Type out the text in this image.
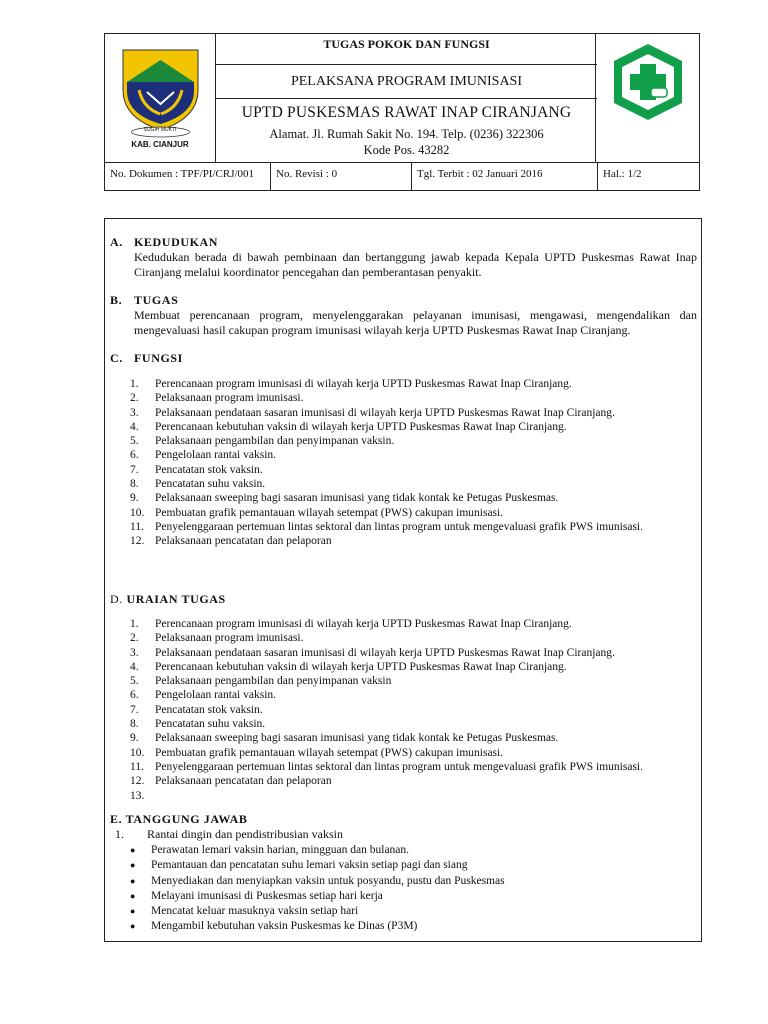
SUGIH MUKTI
KAB. CIANJUR
TUGAS POKOK DAN FUNGSI
PELAKSANA PROGRAM IMUNISASI
UPTD PUSKESMAS RAWAT INAP CIRANJANG
Alamat. Jl. Rumah Sakit No. 194. Telp. (0236) 322306
Kode Pos. 43282
No. Dokumen : TPF/PI/CRJ/001	No. Revisi : 0	Tgl. Terbit : 02 Januari 2016	Hal.: 1/2
A. KEDUDUKAN
Kedudukan berada di bawah pembinaan dan bertanggung jawab kepada Kepala UPTD Puskesmas Rawat Inap Ciranjang melalui koordinator pencegahan dan pemberantasan penyakit.
B. TUGAS
Membuat perencanaan program, menyelenggarakan pelayanan imunisasi, mengawasi, mengendalikan dan mengevaluasi hasil cakupan program imunisasi wilayah kerja UPTD Puskesmas Rawat Inap Ciranjang.
C. FUNGSI
1. Perencanaan program imunisasi di wilayah kerja UPTD Puskesmas Rawat Inap Ciranjang.
2. Pelaksanaan program imunisasi.
3. Pelaksanaan pendataan sasaran imunisasi di wilayah kerja UPTD Puskesmas Rawat Inap Ciranjang.
4. Perencanaan kebutuhan vaksin di wilayah kerja UPTD Puskesmas Rawat Inap Ciranjang.
5. Pelaksanaan pengambilan dan penyimpanan vaksin.
6. Pengelolaan rantai vaksin.
7. Pencatatan stok vaksin.
8. Pencatatan suhu vaksin.
9. Pelaksanaan sweeping bagi sasaran imunisasi yang tidak kontak ke Petugas Puskesmas.
10. Pembuatan grafik pemantauan wilayah setempat (PWS) cakupan imunisasi.
11. Penyelenggaraan pertemuan lintas sektoral dan lintas program untuk mengevaluasi grafik PWS imunisasi.
12. Pelaksanaan pencatatan dan pelaporan
D. URAIAN TUGAS
1. Perencanaan program imunisasi di wilayah kerja UPTD Puskesmas Rawat Inap Ciranjang.
2. Pelaksanaan program imunisasi.
3. Pelaksanaan pendataan sasaran imunisasi di wilayah kerja UPTD Puskesmas Rawat Inap Ciranjang.
4. Perencanaan kebutuhan vaksin di wilayah kerja UPTD Puskesmas Rawat Inap Ciranjang.
5. Pelaksanaan pengambilan dan penyimpanan vaksin
6. Pengelolaan rantai vaksin.
7. Pencatatan stok vaksin.
8. Pencatatan suhu vaksin.
9. Pelaksanaan sweeping bagi sasaran imunisasi yang tidak kontak ke Petugas Puskesmas.
10. Pembuatan grafik pemantauan wilayah setempat (PWS) cakupan imunisasi.
11. Penyelenggaraan pertemuan lintas sektoral dan lintas program untuk mengevaluasi grafik PWS imunisasi.
12. Pelaksanaan pencatatan dan pelaporan
13.
E. TANGGUNG JAWAB
1. Rantai dingin dan pendistribusian vaksin
● Perawatan lemari vaksin harian, mingguan dan bulanan.
● Pemantauan dan pencatatan suhu lemari vaksin setiap pagi dan siang
● Menyediakan dan menyiapkan vaksin untuk posyandu, pustu dan Puskesmas
● Melayani imunisasi di Puskesmas setiap hari kerja
● Mencatat keluar masuknya vaksin setiap hari
● Mengambil kebutuhan vaksin Puskesmas ke Dinas (P3M)
